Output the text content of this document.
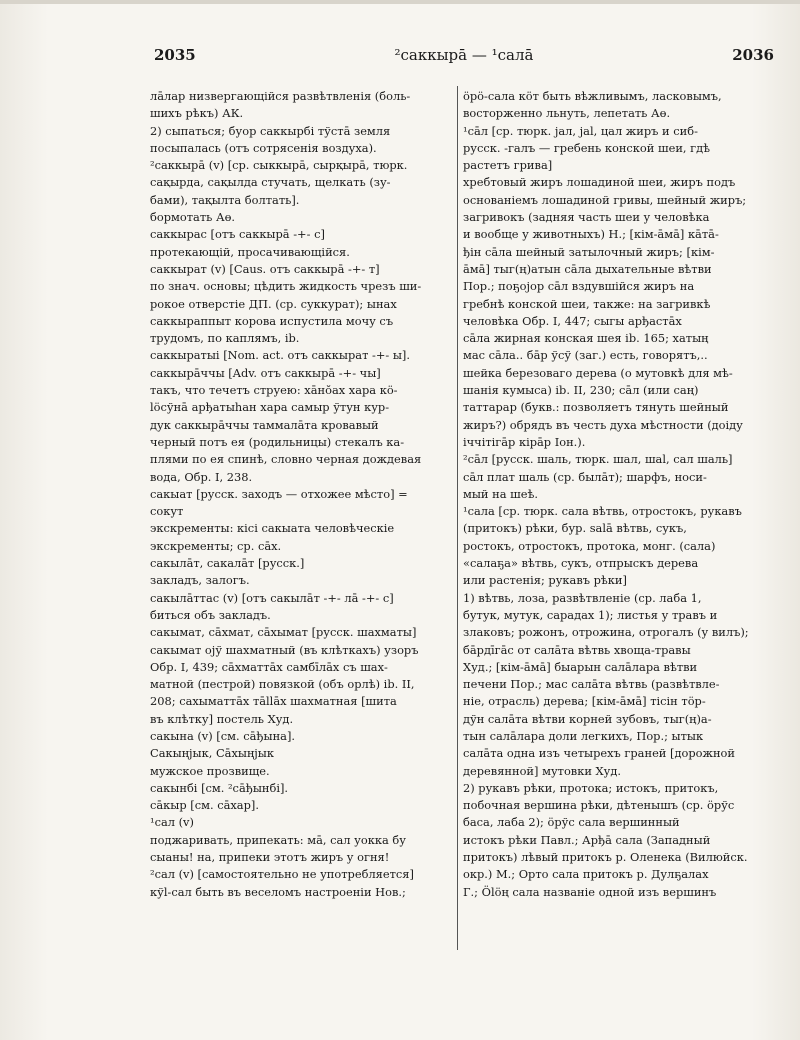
2035	²саккырā — ¹салā	2036

лāлар низвергающійся развѣтвленія (боль-

шихъ рѣкъ) АК.

2) сыпаться; буор саккырбі тўстā земля

посыпалась (отъ сотрясенія воздуха).

²саккырā (v) [ср. сыккырā, сырқырā, тюрк.

сақырда, сақылда стучать, щелкать (зу-

бами), тақылта болтать].

бормотать Аө.

саккырас [отъ саккырā -+- с]

протекающій, просачивающійся.

саккырат (v) [Caus. отъ саккырā -+- т]

по знач. основы; цѣдить жидкость чрезъ ши-

рокое отверстіе ДП. (ср. суккурат); ынах

саккыраппыт корова испустила мочу съ

трудомъ, по каплямъ, ib.

саккыратыі [Nom. act. отъ саккырат -+- ы].

саккырāччы [Adv. отъ саккырā -+- чы]

такъ, что течетъ струею: хāнŏах хара кö-

löсўнā арђатыhан хара самыр ўтун кур-

дук саккырāччы таммалāта кровавый

черный потъ ея (родильницы) стекалъ ка-

плями по ея спинѣ, словно черная дождевая

вода, Обр. I, 238.

сакыат [русск. заходъ — отхожее мѣсто] =

сокут

экскременты: кісі сакыата человѣческіе

экскременты; ср. сāх.

сакылāт, сакалāт [русск.]

закладъ, залогъ.

сакылāттас (v) [отъ сакылāт -+- лā -+- с]

биться объ закладъ.

сакымат, сāхмат, сāхымат [русск. шахматы]

сакымат оjў шахматный (въ клѣткахъ) узоръ

Обр. I, 439; сāхматтāх самбīлāх съ шах-

матной (пестрой) повязкой (объ орлѣ) ib. II,

208; сахыматтāх тāllāх шахматная [шита

въ клѣтку] постель Худ.

сакына (v) [см. сāђына].

Сакыңјык, Сāхыңјык

мужское прозвище.

сакынбі [см. ²сāђынбі].

сāкыр [см. сāхар].

¹сал (v)

поджаривать, припекать: мā, сал уокка бу

сыаны! на, припеки этотъ жиръ у огня!

²сал (v) [самостоятельно не употребляется]

кўl-сал быть въ веселомъ настроеніи Нов.;

öрö-сала кöт быть вѣжливымъ, ласковымъ,

восторженно льнуть, лепетать Аө.

¹сāл [ср. тюрк. јал, јаl, цал жиръ и сиб-

русск. -галъ — гребень конской шеи, гдѣ

растетъ грива]

хребтовый жиръ лошадиной шеи, жиръ подъ

основаніемъ лошадиной гривы, шейный жиръ;

загривокъ (задняя часть шеи у человѣка

и вообще у животныхъ) Н.; [кім-āмā] кāтā-

ђін сāла шейный затылочный жиръ; [кім-

āмā] тыг(ң)атын сāла дыхательные вѣтви

Пор.; поҕојор сāл вздувшійся жиръ на

гребнѣ конской шеи, также: на загривкѣ

человѣка Обр. I, 447; сыгы арђастāх

сāла жирная конская шея ib. 165; хатың

мас сāла.. бāр ўсў (заг.) есть, говорятъ,..

шейка березоваго дерева (о мутовкѣ для мѣ-

шанія кумыса) ib. II, 230; сāл (или саң)

таттарар (букв.: позволяетъ тянуть шейный

жиръ?) обрядъ въ честь духа мѣстности (доіду

іччітігāр кірāр Іон.).

²сāл [русск. шаль, тюрк. шал, шаl, сал шаль]

сāл плат шаль (ср. былāт); шарфъ, носи-

мый на шеѣ.

¹сала [ср. тюрк. сала вѣтвь, отростокъ, рукавъ

(притокъ) рѣки, бур. salā вѣтвь, сукъ,

ростокъ, отростокъ, протока, монг. (сала)

«салаҕа» вѣтвь, сукъ, отпрыскъ дерева

или растенія; рукавъ рѣки]

1) вѣтвь, лоза, развѣтвленіе (ср. лаба 1,

бутук, мутук, сарадах 1); листья у травъ и

злаковъ; рожонъ, отрожина, отрогалъ (у вилъ);

бāрдīгāс от салāта вѣтвь хвоща-травы

Худ.; [кім-āмā] быарын салāлара вѣтви

печени Пор.; мас салāта вѣтвь (развѣтвле-

ніе, отрасль) дерева; [кім-āмā] тісін тöр-

дўн салāта вѣтви корней зубовъ, тыг(ң)а-

тын салāлара доли легкихъ, Пор.; ытык

салāта одна изъ четырехъ граней [дорожной

деревянной] мутовки Худ.

2) рукавъ рѣки, протока; истокъ, притокъ,

побочная вершина рѣки, дѣтенышъ (ср. öрўс

баса, лаба 2); öрўс сала вершинный

истокъ рѣки Павл.; Арђā сала (Западный

притокъ) лѣвый притокъ р. Оленека (Вилюйск.

окр.) М.; Орто сала притокъ р. Дулҕалах

Г.; Ölöң сала названіе одной изъ вершинъ
